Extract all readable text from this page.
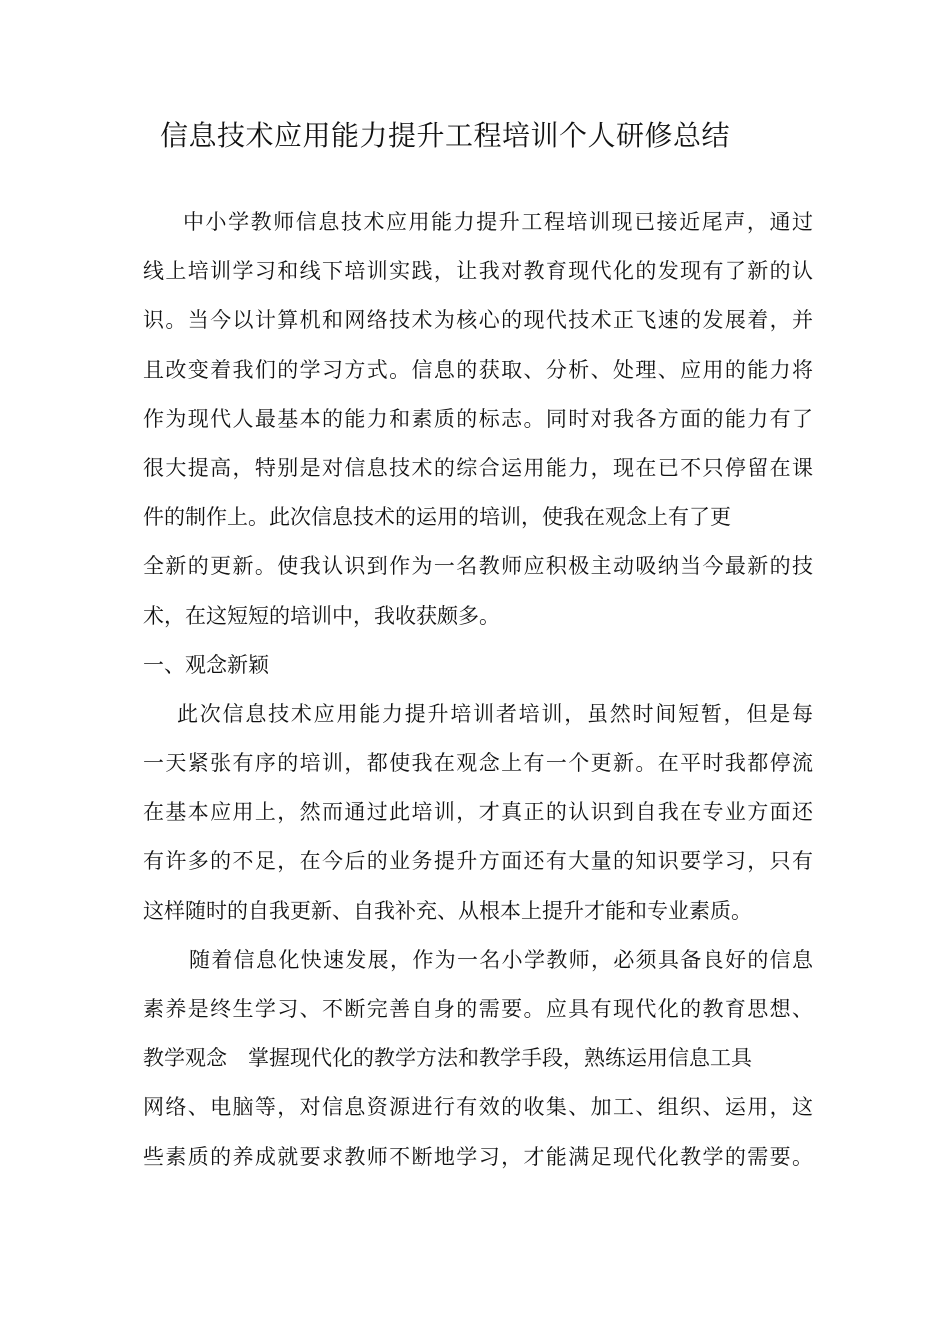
信息技术应用能力提升工程培训个人研修总结
中小学教师信息技术应用能力提升工程培训现已接近尾声，通过
线上培训学习和线下培训实践，让我对教育现代化的发现有了新的认
识。当今以计算机和网络技术为核心的现代技术正飞速的发展着，并
且改变着我们的学习方式。信息的获取、分析、处理、应用的能力将
作为现代人最基本的能力和素质的标志。同时对我各方面的能力有了
很大提高，特别是对信息技术的综合运用能力，现在已不只停留在课
件的制作上。此次信息技术的运用的培训，使我在观念上有了更
全新的更新。使我认识到作为一名教师应积极主动吸纳当今最新的技
术，在这短短的培训中，我收获颇多。
一、观念新颖
此次信息技术应用能力提升培训者培训，虽然时间短暂，但是每
一天紧张有序的培训，都使我在观念上有一个更新。在平时我都停流
在基本应用上，然而通过此培训，才真正的认识到自我在专业方面还
有许多的不足，在今后的业务提升方面还有大量的知识要学习，只有
这样随时的自我更新、自我补充、从根本上提升才能和专业素质。
随着信息化快速发展，作为一名小学教师，必须具备良好的信息
素养是终生学习、不断完善自身的需要。应具有现代化的教育思想、
教学观念　掌握现代化的教学方法和教学手段，熟练运用信息工具
网络、电脑等，对信息资源进行有效的收集、加工、组织、运用，这
些素质的养成就要求教师不断地学习，才能满足现代化教学的需要。
